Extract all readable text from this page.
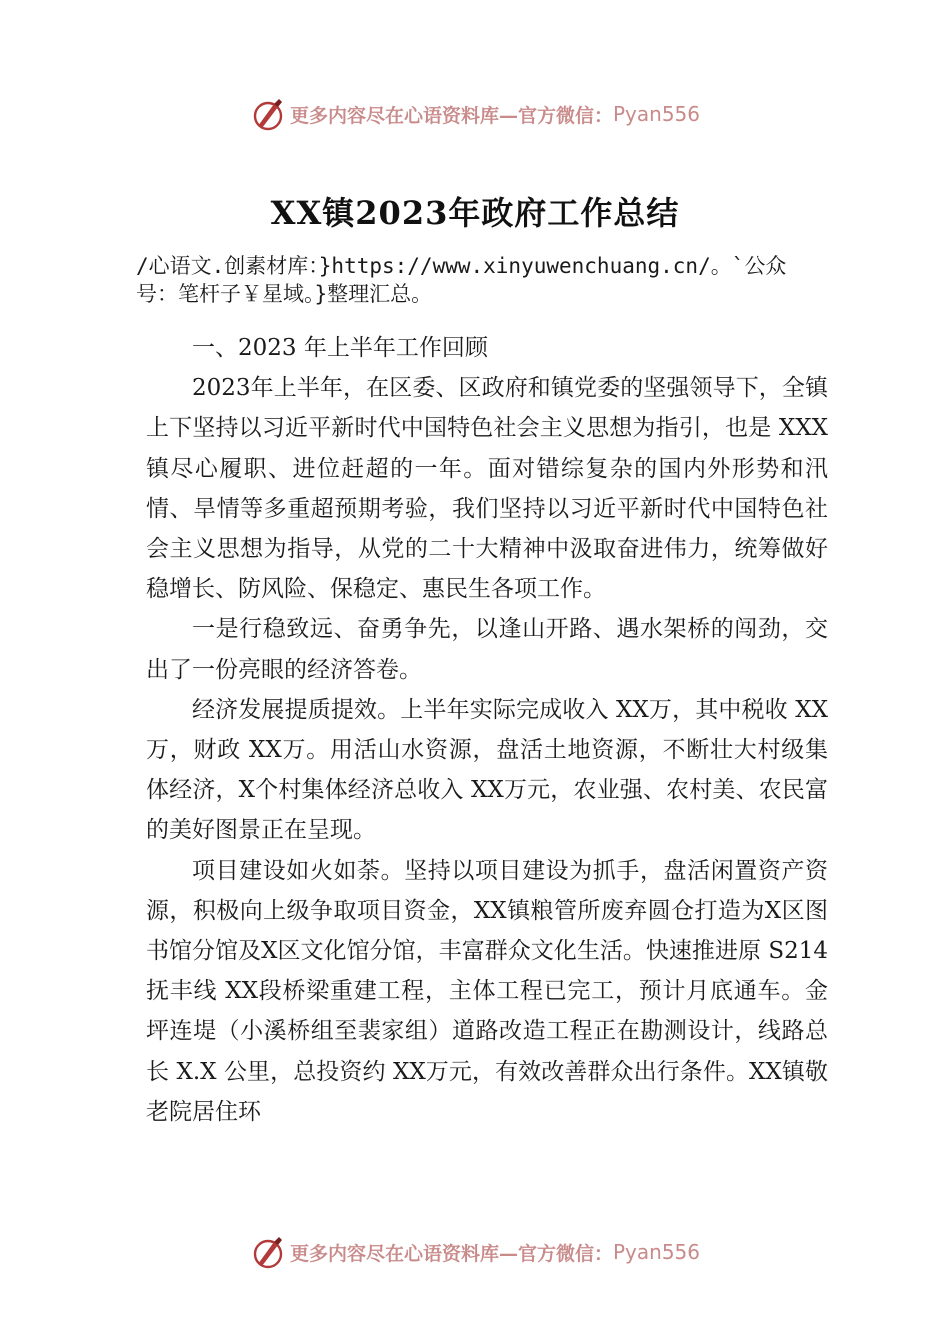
更多内容尽在心语资料库—官方微信： Pyan556
XX镇2023年政府工作总结
/心语文.创素材库：}https://www.xinyuwenchuang.cn/。`公众号：笔杆子￥星域。}整理汇总。

一、2023 年上半年工作回顾

2023年上半年，在区委、区政府和镇党委的坚强领导下，全镇上下坚持以习近平新时代中国特色社会主义思想为指引，也是 XXX镇尽心履职、进位赶超的一年。面对错综复杂的国内外形势和汛情、旱情等多重超预期考验，我们坚持以习近平新时代中国特色社会主义思想为指导，从党的二十大精神中汲取奋进伟力，统筹做好稳增长、防风险、保稳定、惠民生各项工作。

一是行稳致远、奋勇争先，以逢山开路、遇水架桥的闯劲，交出了一份亮眼的经济答卷。

经济发展提质提效。上半年实际完成收入 XX万，其中税收 XX万，财政 XX万。用活山水资源，盘活土地资源，不断壮大村级集体经济，X个村集体经济总收入 XX万元，农业强、农村美、农民富的美好图景正在呈现。

项目建设如火如荼。坚持以项目建设为抓手，盘活闲置资产资源，积极向上级争取项目资金，XX镇粮管所废弃圆仓打造为X区图书馆分馆及X区文化馆分馆，丰富群众文化生活。快速推进原 S214抚丰线 XX段桥梁重建工程，主体工程已完工，预计月底通车。金坪连堤（小溪桥组至裴家组）道路改造工程正在勘测设计，线路总长 X.X 公里，总投资约 XX万元，有效改善群众出行条件。XX镇敬老院居住环

更多内容尽在心语资料库—官方微信： Pyan556
